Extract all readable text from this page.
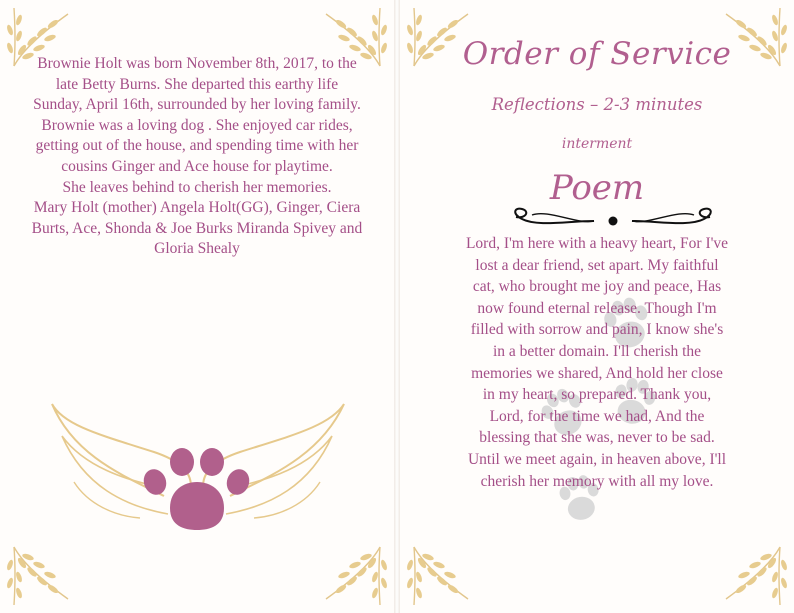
Brownie Holt was born November 8th, 2017, to the late Betty Burns. She departed this earthy life Sunday, April 16th, surrounded by her loving family.

Brownie was a loving dog . She enjoyed car rides, getting out of the house, and spending time with her cousins Ginger and Ace house for playtime.

She leaves behind to cherish her memories.

Mary Holt (mother) Angela Holt(GG), Ginger, Ciera Burts, Ace, Shonda & Joe Burks Miranda Spivey and Gloria Shealy

Order of Service
Reflections – 2-3 minutes
interment
Poem
Lord, I'm here with a heavy heart, For I've lost a dear friend, set apart. My faithful cat, who brought me joy and peace, Has now found eternal release. Though I'm filled with sorrow and pain, I know she's in a better domain. I'll cherish the memories we shared, And hold her close in my heart, so prepared. Thank you, Lord, for the time we had, And the blessing that she was, never to be sad. Until we meet again, in heaven above, I'll cherish her memory with all my love.
